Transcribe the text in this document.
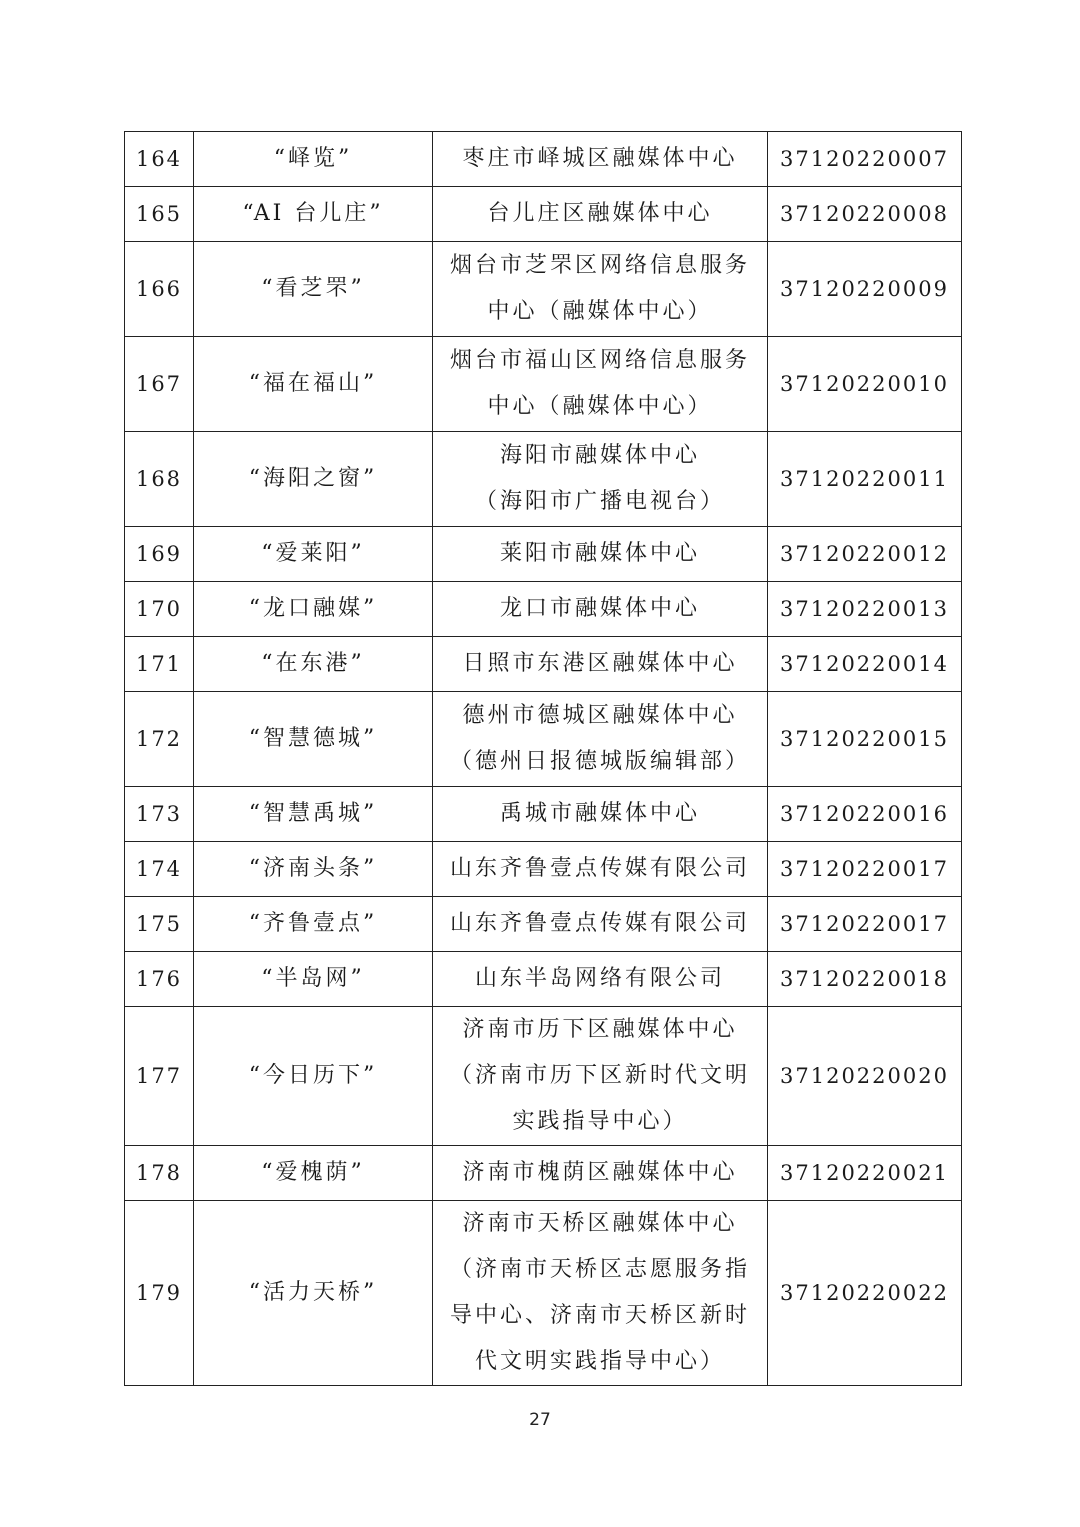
164	“峄览”	枣庄市峄城区融媒体中心	37120220007
165	“AI 台儿庄”	台儿庄区融媒体中心	37120220008
166	“看芝罘”	烟台市芝罘区网络信息服务
中心（融媒体中心）	37120220009
167	“福在福山”	烟台市福山区网络信息服务
中心（融媒体中心）	37120220010
168	“海阳之窗”	海阳市融媒体中心
（海阳市广播电视台）	37120220011
169	“爱莱阳”	莱阳市融媒体中心	37120220012
170	“龙口融媒”	龙口市融媒体中心	37120220013
171	“在东港”	日照市东港区融媒体中心	37120220014
172	“智慧德城”	德州市德城区融媒体中心
（德州日报德城版编辑部）	37120220015
173	“智慧禹城”	禹城市融媒体中心	37120220016
174	“济南头条”	山东齐鲁壹点传媒有限公司	37120220017
175	“齐鲁壹点”	山东齐鲁壹点传媒有限公司	37120220017
176	“半岛网”	山东半岛网络有限公司	37120220018
177	“今日历下”	济南市历下区融媒体中心
（济南市历下区新时代文明
实践指导中心）	37120220020
178	“爱槐荫”	济南市槐荫区融媒体中心	37120220021
179	“活力天桥”	济南市天桥区融媒体中心
（济南市天桥区志愿服务指
导中心、济南市天桥区新时
代文明实践指导中心）	37120220022
27
